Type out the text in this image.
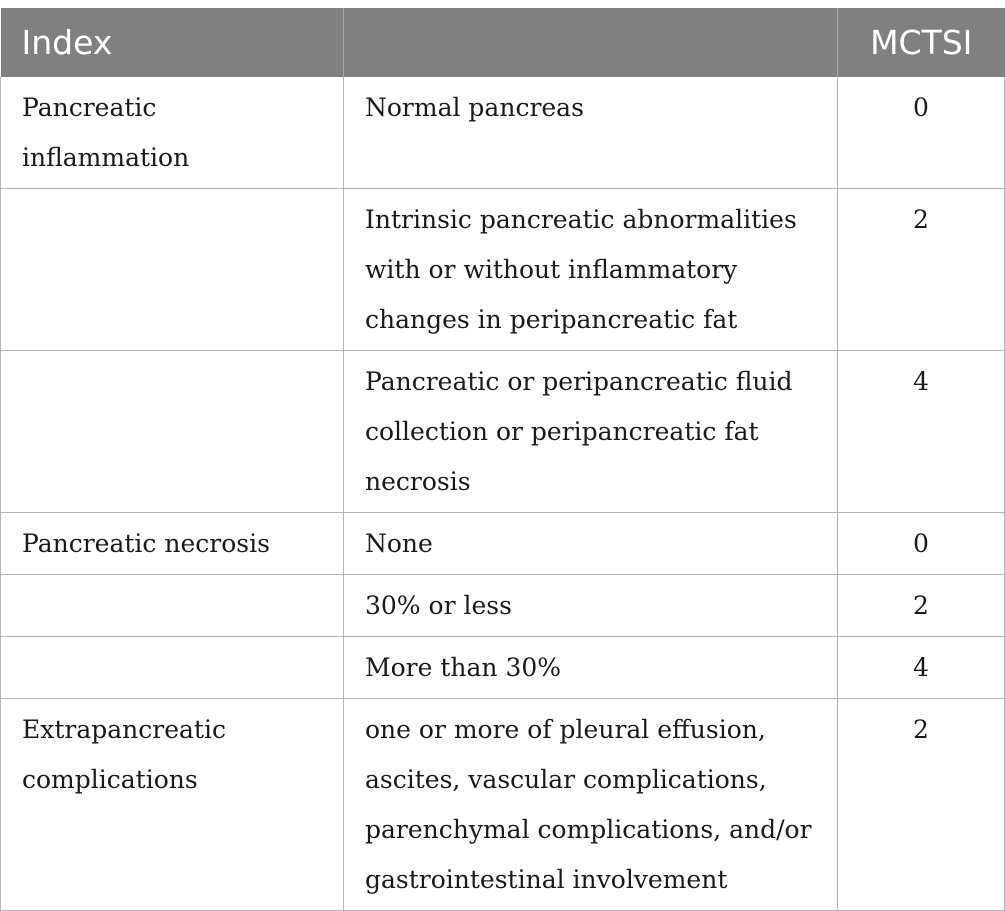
Index		MCTSI
Pancreatic inflammation	Normal pancreas	0
	Intrinsic pancreatic abnormalities with or without inflammatory changes in peripancreatic fat	2
	Pancreatic or peripancreatic fluid collection or peripancreatic fat necrosis	4
Pancreatic necrosis	None	0
	30% or less	2
	More than 30%	4
Extrapancreatic complications	one or more of pleural effusion, ascites, vascular complications, parenchymal complications, and/or gastrointestinal involvement	2
